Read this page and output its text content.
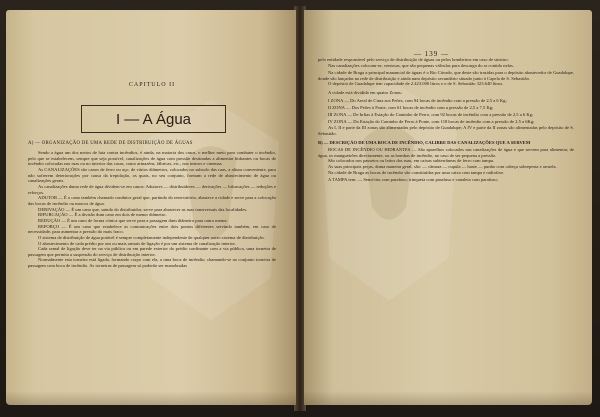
CAPITULO II
I — A Água
A) — ORGANIZAÇÃO DE UMA REDE DE DISTRIBUIÇÃO DE ÁGUAS

Sendo a água um dos meios de luta contra incêndios, é ainda, na maioria dos casos, o melhor meio para combater o incêndio, pelo que se estabelecem, sempre que seja possível, canalizações de água com pressão destinadas a alimentar hidrantes ou bocas de incêndio colocadas nas ruas ou no interior das casas, como armazéns, fábricas, etc., nos teatros e cinemas.

As CANALIZAÇÕES são canos de ferro ou aço, de vários diâmetros, colocados no subsolo das ruas, a altura conveniente, para não sofrerem deteriorações por causa da trepidação, os quais, no seu conjunto, formam a rede de abastecimento de água ou canalizações gerais.

As canalizações duma rede de água dividem-se em canos: Adutores — distribuidores — derivações — bifurcações — reduções e reforços.

ADUTOR — É o cano também chamado condutor geral que, partindo do reservatório, abastece a cidade e serve para a colocação das bocas de incêndio ou marcos de água.

DERIVAÇÃO — É um cano que, saindo do distribuidor, serve para abastecer as ruas transversais das localidades.

BIFURCAÇÃO — É a divisão dum cano em dois de menor diâmetro.

REDUÇÃO — É um cano de forma cónica que serve para a passagem dum diâmetro para outro menor.

REFORÇO — É um cano que estabelece as comunicações entre dois pontos diferentes servindo também, em caso de necessidade, para aumentar a pressão do mais fraco.

O sistema de distribuição de água potável é sempre completamente independente de qualquer outro sistema de distribuição.

O abastecimento de cada prédio por um ou mais ramais de ligação é por um sistema de canalização interior.

Cada ramal de ligação deve ter na via pública ou em parede exterior do prédio confinante com a via pública, uma torneira de passagem que permita a suspensão do serviço de distribuição interior.

Normalmente esta torneira está ligada, formando corpo com ela, a uma boca de incêndio, chamando-se ao conjunto torneira de passagem com boca de incêndio. As torneiras de passagem só poderão ser manobradas

— 139 —

pelo entidade responsável pelo serviço de distribuição de águas ou pelos bombeiros em caso de sinistro.

Nas canalizações colocam-se, ventosas, que são pequenas válvulas para descarga do ar contido nelas.

Na cidade de Braga a principal manancial de águas é o Rio Cávado, que deste são trazidas para o depósito abastecedor de Guadalupe, donde são lançadas na rede de distribuição e ainda num depósito secundário situado junto à Capela de S. Sebastião.

O depósito de Guadalupe tem capacidade de 2.423.000 litros e o de S. Sebastião 323.640 litros.

A cidade está dividida em quatro Zonas:

I ZONA — Do Areal de Cima aos Peões, com 94 bocas de incêndio com a pressão de 2,5 a 6 Kg;

II ZONA — Dos Peões à Ponte, com 61 bocas de incêndio com a pressão de 2,5 a 7,5 Kg;

III ZONA — De Infias à Estação do Caminho de Ferro, com 92 bocas de incêndio com a pressão de 2,5 a 6 Kg;

IV ZONA — Da Estação do Caminho de Ferro à Ponte, com 118 bocas de incêndio com a pressão de 2,5 a 6Kg;

As I, II e parte da III zonas são alimentadas pelo depósito de Guadalupe; A IV e parte da II zonas são alimentadas pelo depósito de S. Sebastião.

B) — DESCRIÇÃO DE UMA BOCA DE INCÊNDIO, CALIBRE DAS CANALIZAÇÕES QUE A SERVEM

BOCAS DE INCÊNDIO OU HIDRANTES — São aparelhos colocados nas canalizações de água e que servem para alimentar, de água, os mangueirões directamente, ou as bombas de incêndio, no caso de ser pequena a pressão.

São colocados nos passeios ou leitos das ruas, em caixas subterrâneas de ferro com tampa.

As suas principais peças, duma maneira geral, são: — câmara — cupula — haste — punho com cabeça sobrepesta e arruela.

Na cidade de Braga as bocas de incêndio são constituídas por uma caixa com tampa e radiofixe.

A TAMPA tem: — Semi-tiss com parafuso; trinqueta com parafuso e canaleta com parafuso;
